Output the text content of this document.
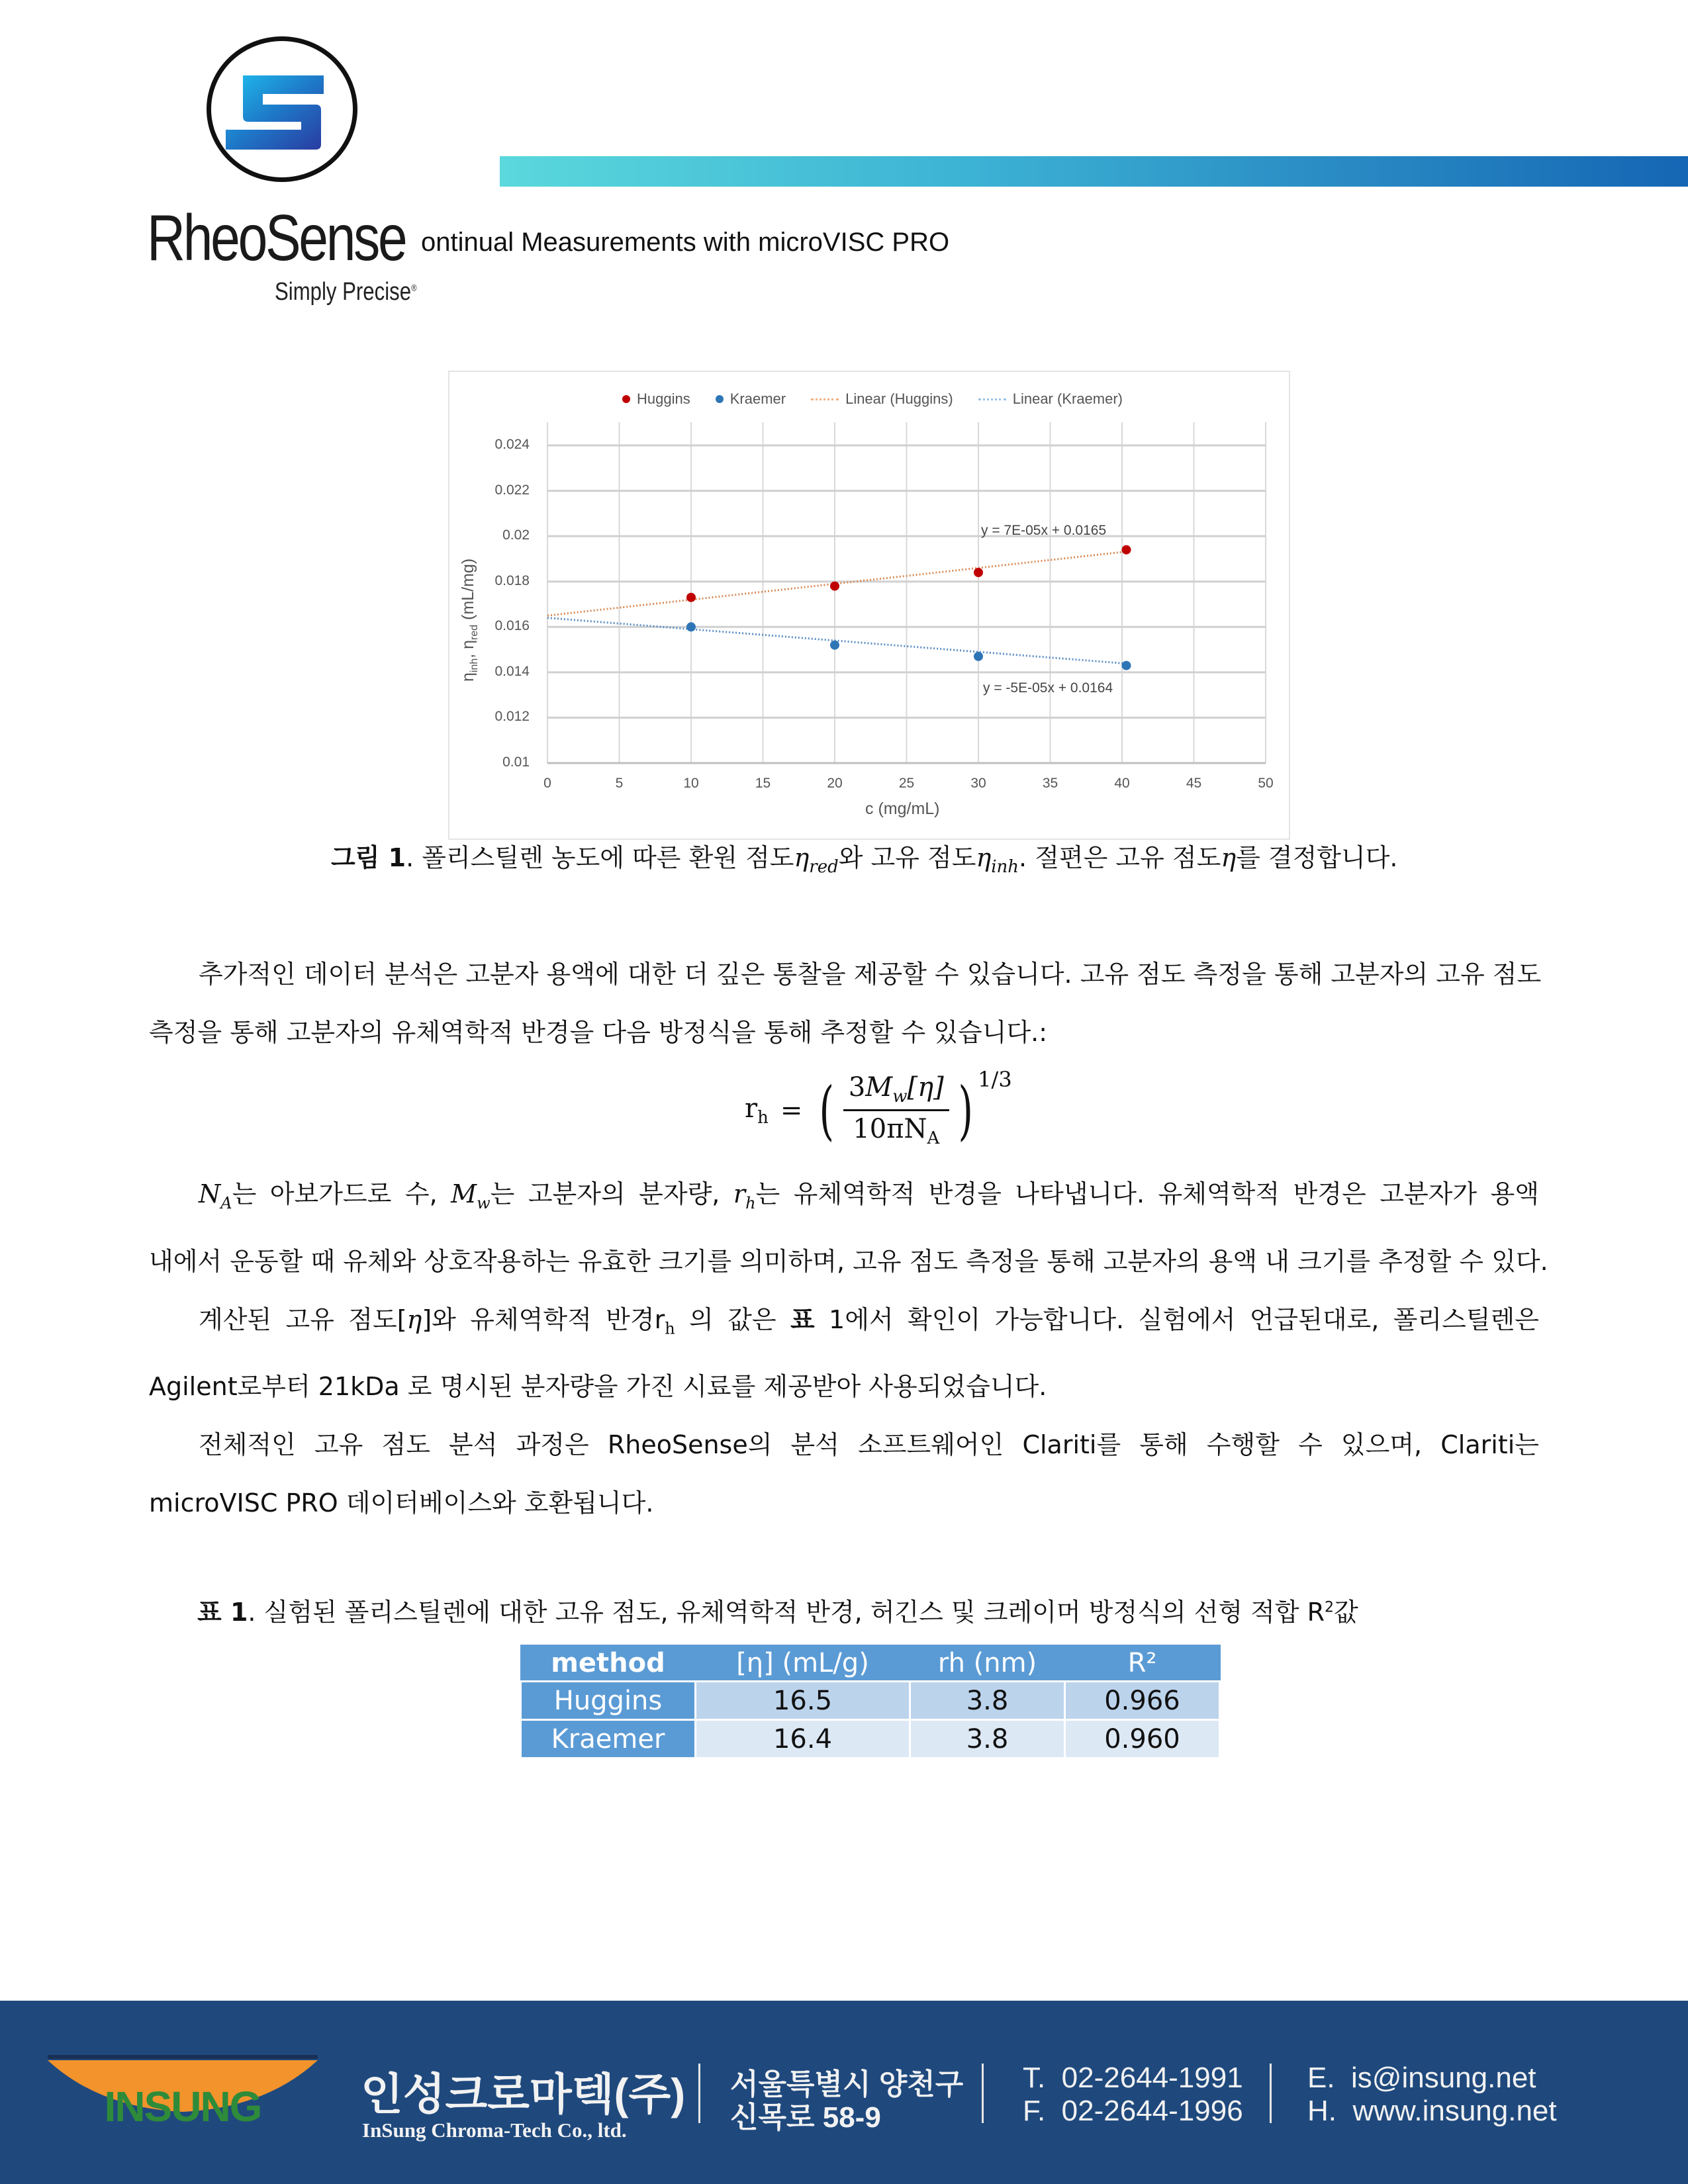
RheoSense
Simply Precise®
ontinual Measurements with microVISC PRO
Huggins	Kraemer	Linear (Huggins)	Linear (Kraemer)
0.01
0.012
0.014
0.016
0.018
0.02
0.022
0.024
0	5	10	15	20	25	30	35	40	45	50
$\eta_{inh}$, $\eta_{red}$ (mL/mg)
c (mg/mL)
y = 7E-05x + 0.0165
y = -5E-05x + 0.0164
그림 1. 폴리스틸렌 농도에 따른 환원 점도$\eta_{red}$와 고유 점도$\eta_{inh}$. 절편은 고유 점도η를 결정합니다.
추가적인 데이터 분석은 고분자 용액에 대한 더 깊은 통찰을 제공할 수 있습니다. 고유 점도 측정을 통해 고분자의 고유 점도
측정을 통해 고분자의 유체역학적 반경을 다음 방정식을 통해 추정할 수 있습니다.:
$r_h$ = ( $\frac{3M_w[\eta]}{10\pi N_A}$ ) 1/3
$N_A$는 아보가드로 수, $M_w$는 고분자의 분자량, $r_h$는 유체역학적 반경을 나타냅니다. 유체역학적 반경은 고분자가 용액
내에서 운동할 때 유체와 상호작용하는 유효한 크기를 의미하며, 고유 점도 측정을 통해 고분자의 용액 내 크기를 추정할 수 있다.
계산된 고유 점도[η]와 유체역학적 반경$r_h$ 의 값은 표 1에서 확인이 가능합니다. 실험에서 언급된대로, 폴리스틸렌은
Agilent로부터 21kDa 로 명시된 분자량을 가진 시료를 제공받아 사용되었습니다.
전체적인 고유 점도 분석 과정은 RheoSense의 분석 소프트웨어인 Clariti를 통해 수행할 수 있으며, Clariti는
microVISC PRO 데이터베이스와 호환됩니다.
표 1. 실험된 폴리스틸렌에 대한 고유 점도, 유체역학적 반경, 허긴스 및 크레이머 방정식의 선형 적합 $R^2$값
method	[η] (mL/g)	rh (nm)	R²
Huggins	16.5	3.8	0.966
Kraemer	16.4	3.8	0.960
INSUNG 인성크로마텍(주)
InSung Chroma-Tech Co., ltd.
서울특별시 양천구
신목로 58-9
T.  02-2644-1991
F.  02-2644-1996
E.  is@insung.net
H.  www.insung.net
